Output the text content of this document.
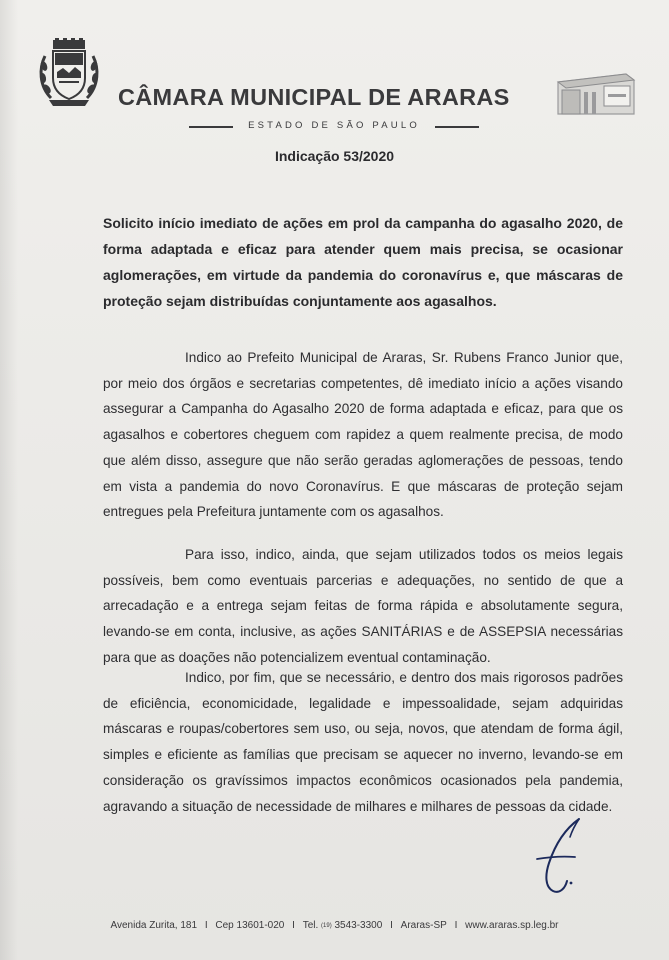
CÂMARA MUNICIPAL DE ARARAS
ESTADO DE SÃO PAULO
Indicação 53/2020
Solicito início imediato de ações em prol da campanha do agasalho 2020, de forma adaptada e eficaz para atender quem mais precisa, se ocasionar aglomerações, em virtude da pandemia do coronavírus e, que máscaras de proteção sejam distribuídas conjuntamente aos agasalhos.
Indico ao Prefeito Municipal de Araras, Sr. Rubens Franco Junior que, por meio dos órgãos e secretarias competentes, dê imediato início a ações visando assegurar a Campanha do Agasalho 2020 de forma adaptada e eficaz, para que os agasalhos e cobertores cheguem com rapidez a quem realmente precisa, de modo que além disso, assegure que não serão geradas aglomerações de pessoas, tendo em vista a pandemia do novo Coronavírus. E que máscaras de proteção sejam entregues pela Prefeitura juntamente com os agasalhos.
Para isso, indico, ainda, que sejam utilizados todos os meios legais possíveis, bem como eventuais parcerias e adequações, no sentido de que a arrecadação e a entrega sejam feitas de forma rápida e absolutamente segura, levando-se em conta, inclusive, as ações SANITÁRIAS e de ASSEPSIA necessárias para que as doações não potencializem eventual contaminação.
Indico, por fim, que se necessário, e dentro dos mais rigorosos padrões de eficiência, economicidade, legalidade e impessoalidade, sejam adquiridas máscaras e roupas/cobertores sem uso, ou seja, novos, que atendam de forma ágil, simples e eficiente as famílias que precisam se aquecer no inverno, levando-se em consideração os gravíssimos impactos econômicos ocasionados pela pandemia, agravando a situação de necessidade de milhares e milhares de pessoas da cidade.
Avenida Zurita, 181 I Cep 13601-020 I Tel. (19) 3543-3300 I Araras-SP I www.araras.sp.leg.br
